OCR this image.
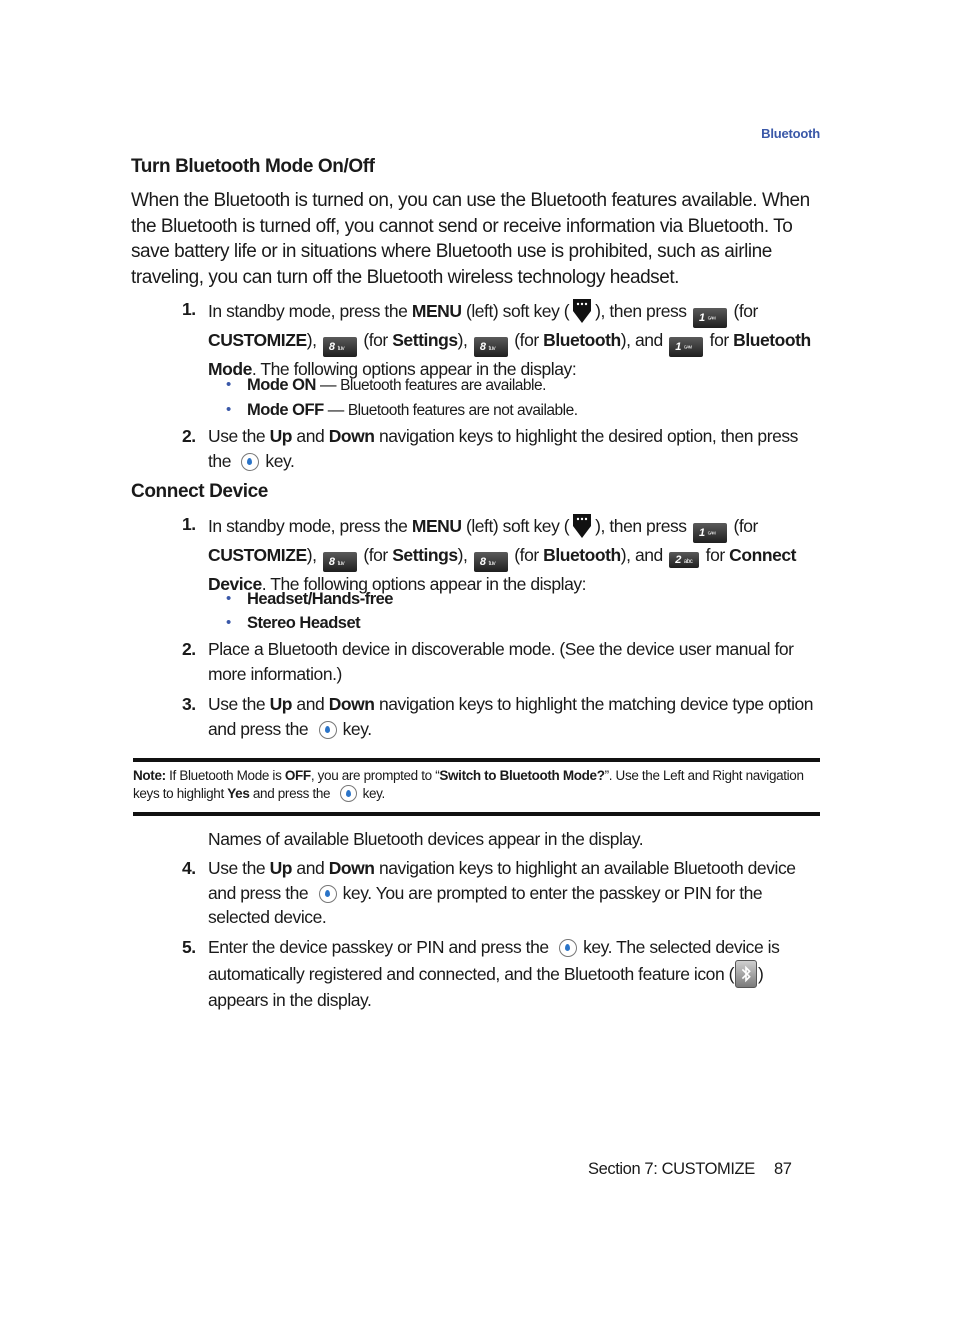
Bluetooth
Turn Bluetooth Mode On/Off
When the Bluetooth is turned on, you can use the Bluetooth features available. When the Bluetooth is turned off, you cannot send or receive information via Bluetooth. To save battery life or in situations where Bluetooth use is prohibited, such as airline traveling, you can turn off the Bluetooth wireless technology headset.
1. In standby mode, press the MENU (left) soft key ( ), then press 1 ᴳᴬᴹ (for CUSTOMIZE), 8 tuv (for Settings), 8 tuv (for Bluetooth), and 1 ᴳᴬᴹ for Bluetooth Mode. The following options appear in the display:
• Mode ON — Bluetooth features are available.
• Mode OFF — Bluetooth features are not available.
2. Use the Up and Down navigation keys to highlight the desired option, then press the key.
Connect Device
1. In standby mode, press the MENU (left) soft key ( ), then press 1 ᴳᴬᴹ (for CUSTOMIZE), 8 tuv (for Settings), 8 tuv (for Bluetooth), and 2 abc for Connect Device. The following options appear in the display:
• Headset/Hands-free
• Stereo Headset
2. Place a Bluetooth device in discoverable mode. (See the device user manual for more information.)
3. Use the Up and Down navigation keys to highlight the matching device type option and press the key.
Note: If Bluetooth Mode is OFF, you are prompted to “Switch to Bluetooth Mode?”. Use the Left and Right navigation keys to highlight Yes and press the key.
Names of available Bluetooth devices appear in the display.
4. Use the Up and Down navigation keys to highlight an available Bluetooth device and press the key. You are prompted to enter the passkey or PIN for the selected device.
5. Enter the device passkey or PIN and press the key. The selected device is automatically registered and connected, and the Bluetooth feature icon ( ) appears in the display.
Section 7: CUSTOMIZE 87
